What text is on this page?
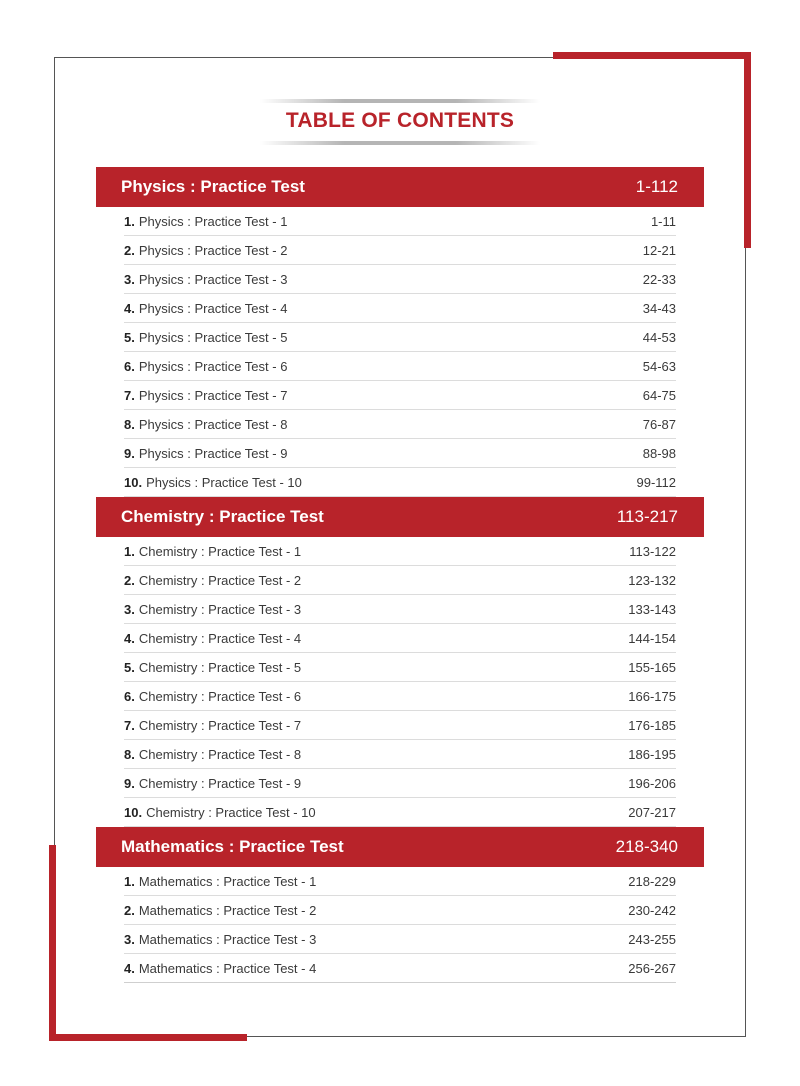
TABLE OF CONTENTS
Physics : Practice Test	1-112
1. Physics : Practice Test - 1	1-11
2. Physics : Practice Test - 2	12-21
3. Physics : Practice Test - 3	22-33
4. Physics : Practice Test - 4	34-43
5. Physics : Practice Test - 5	44-53
6. Physics : Practice Test - 6	54-63
7. Physics : Practice Test - 7	64-75
8. Physics : Practice Test - 8	76-87
9. Physics : Practice Test - 9	88-98
10. Physics : Practice Test - 10	99-112
Chemistry : Practice Test	113-217
1. Chemistry : Practice Test - 1	113-122
2. Chemistry : Practice Test - 2	123-132
3. Chemistry : Practice Test - 3	133-143
4. Chemistry : Practice Test - 4	144-154
5. Chemistry : Practice Test - 5	155-165
6. Chemistry : Practice Test - 6	166-175
7. Chemistry : Practice Test - 7	176-185
8. Chemistry : Practice Test - 8	186-195
9. Chemistry : Practice Test - 9	196-206
10. Chemistry : Practice Test - 10	207-217
Mathematics : Practice Test	218-340
1. Mathematics : Practice Test - 1	218-229
2. Mathematics : Practice Test - 2	230-242
3. Mathematics : Practice Test - 3	243-255
4. Mathematics : Practice Test - 4	256-267
